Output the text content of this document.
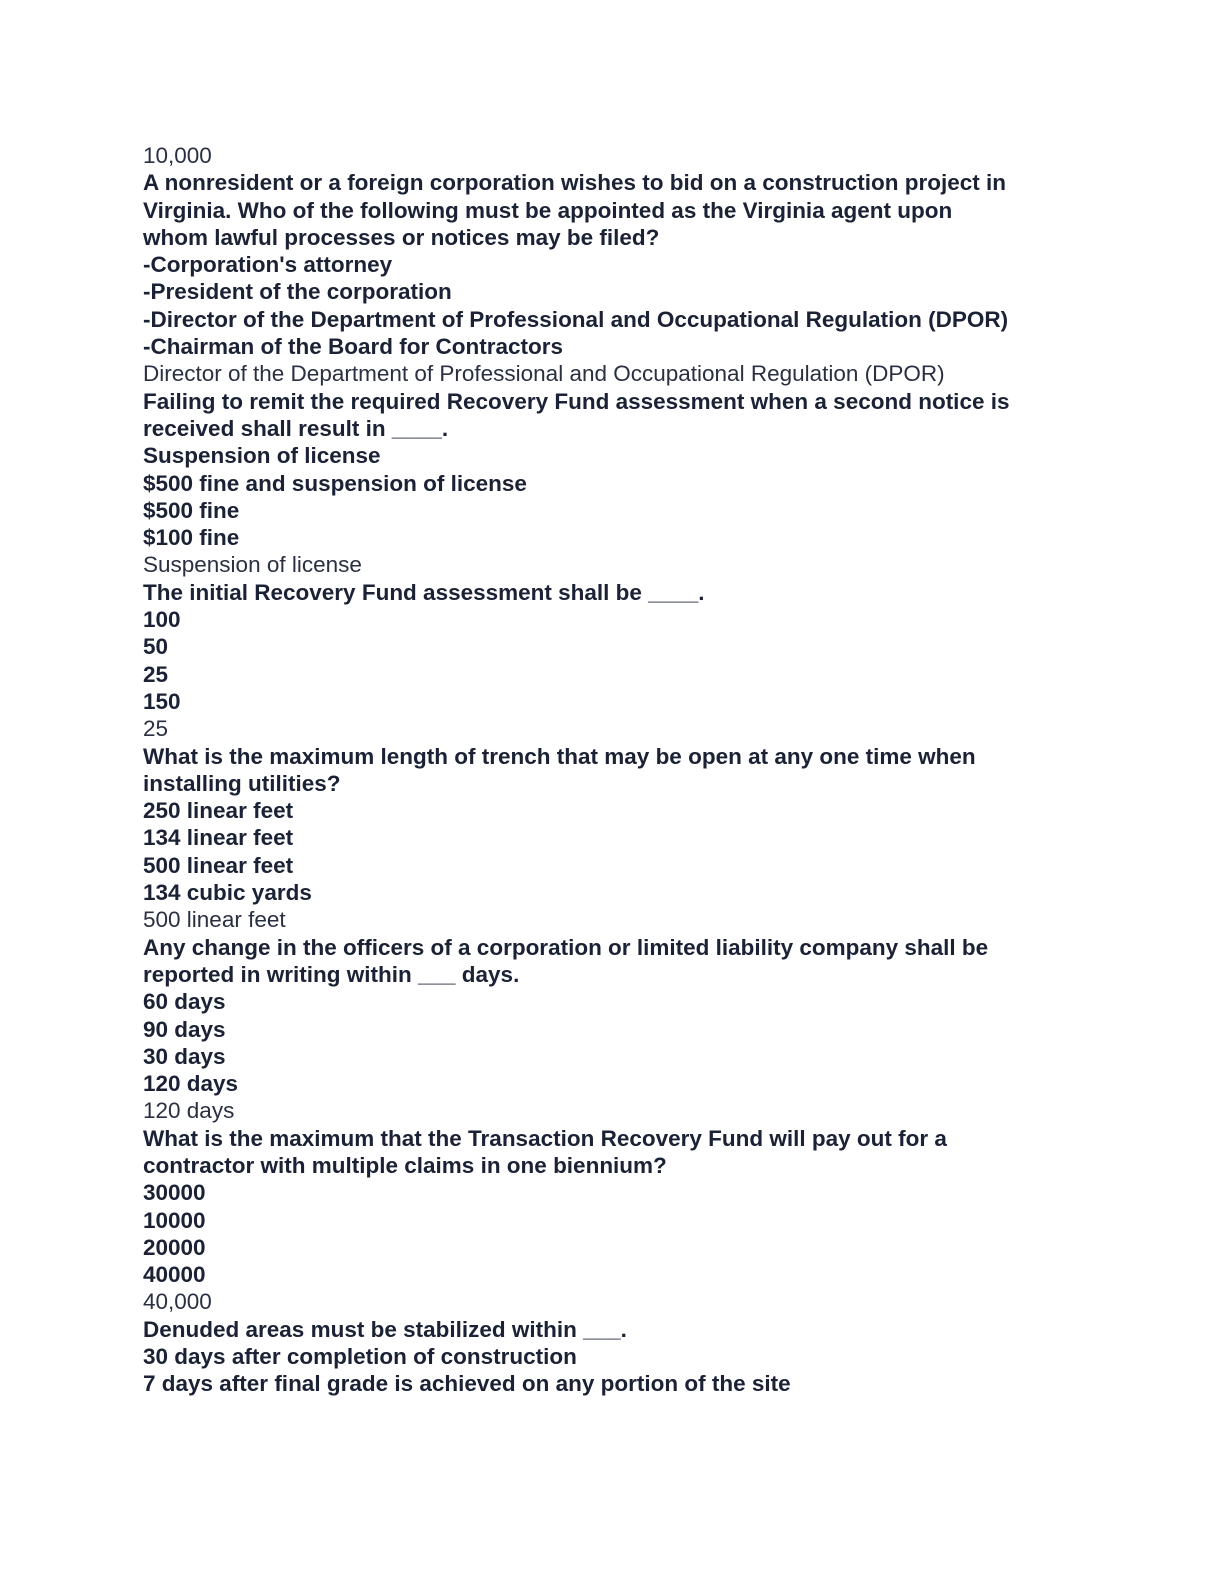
10,000
A nonresident or a foreign corporation wishes to bid on a construction project in
Virginia. Who of the following must be appointed as the Virginia agent upon
whom lawful processes or notices may be filed?
-Corporation's attorney
-President of the corporation
-Director of the Department of Professional and Occupational Regulation (DPOR)
-Chairman of the Board for Contractors
Director of the Department of Professional and Occupational Regulation (DPOR)
Failing to remit the required Recovery Fund assessment when a second notice is
received shall result in ____.
Suspension of license
$500 fine and suspension of license
$500 fine
$100 fine
Suspension of license
The initial Recovery Fund assessment shall be ____.
100
50
25
150
25
What is the maximum length of trench that may be open at any one time when
installing utilities?
250 linear feet
134 linear feet
500 linear feet
134 cubic yards
500 linear feet
Any change in the officers of a corporation or limited liability company shall be
reported in writing within ___ days.
60 days
90 days
30 days
120 days
120 days
What is the maximum that the Transaction Recovery Fund will pay out for a
contractor with multiple claims in one biennium?
30000
10000
20000
40000
40,000
Denuded areas must be stabilized within ___.
30 days after completion of construction
7 days after final grade is achieved on any portion of the site
